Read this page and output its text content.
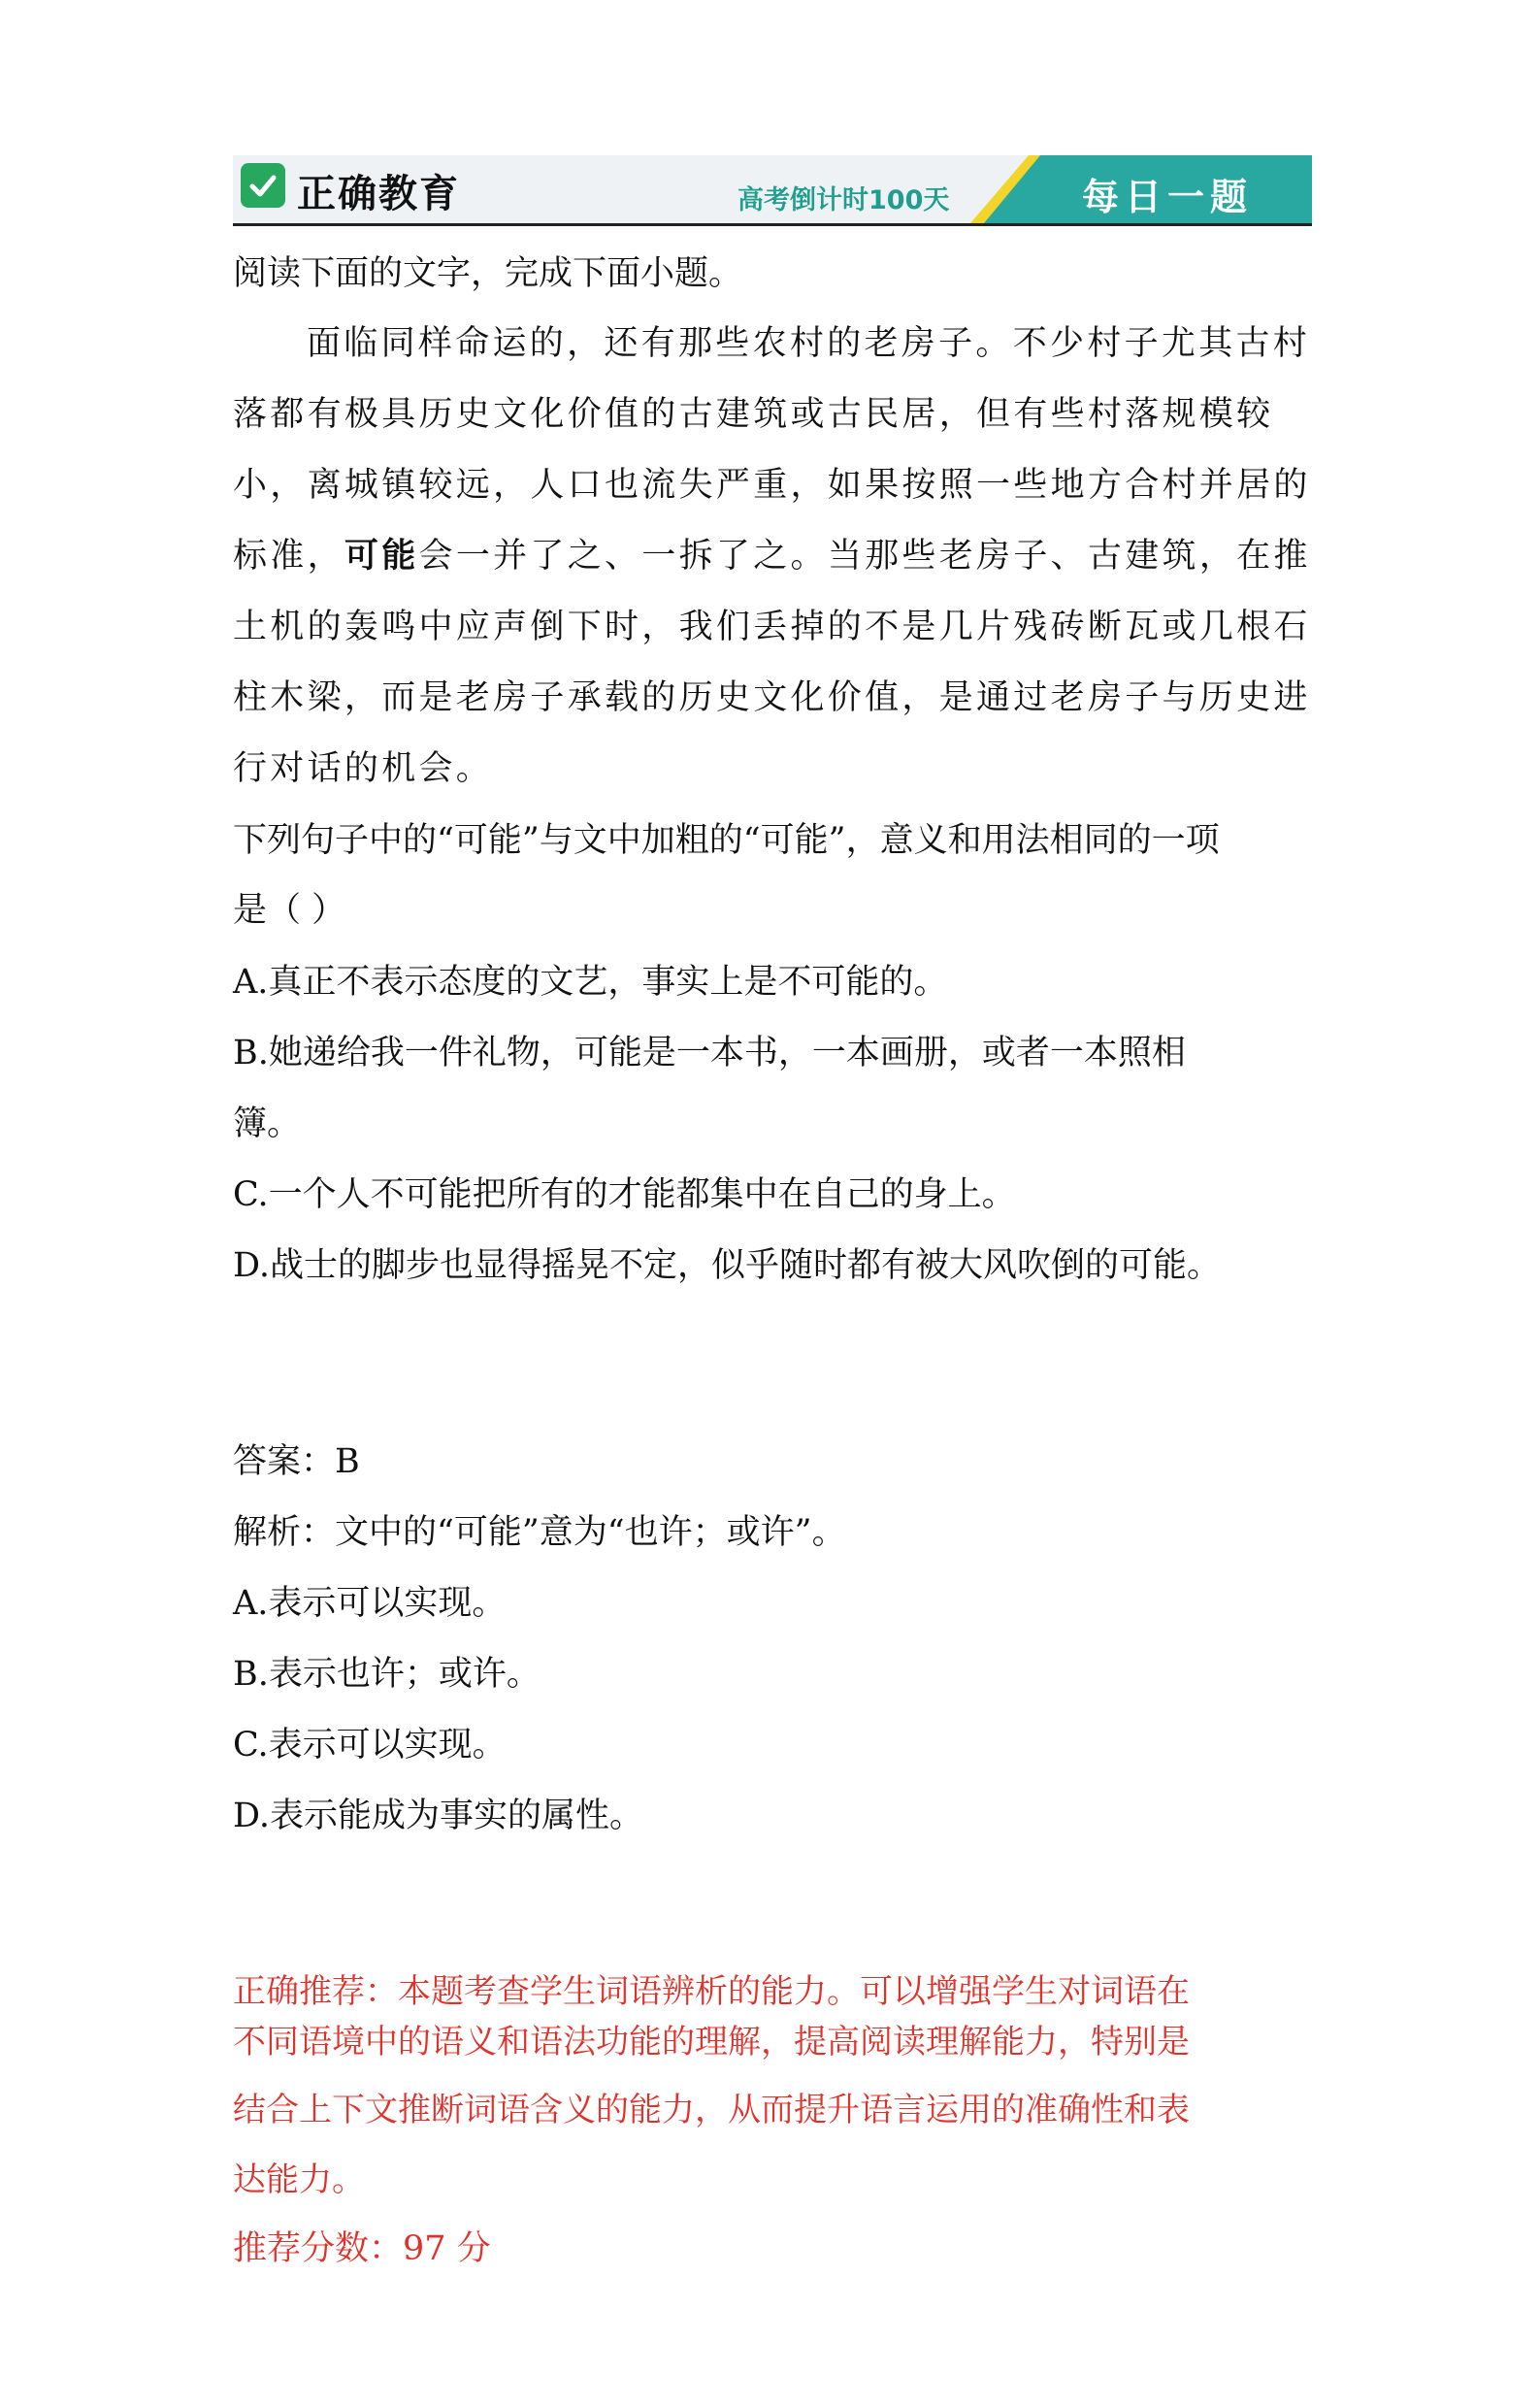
正确教育	高考倒计时100天	每日一题
阅读下面的文字，完成下面小题。
面临同样命运的，还有那些农村的老房子。不少村子尤其古村
落都有极具历史文化价值的古建筑或古民居，但有些村落规模较
小，离城镇较远，人口也流失严重，如果按照一些地方合村并居的
标准，可能会一并了之、一拆了之。当那些老房子、古建筑，在推
土机的轰鸣中应声倒下时，我们丢掉的不是几片残砖断瓦或几根石
柱木梁，而是老房子承载的历史文化价值，是通过老房子与历史进
行对话的机会。
下列句子中的“可能”与文中加粗的“可能”，意义和用法相同的一项
是（ ）
A.真正不表示态度的文艺，事实上是不可能的。
B.她递给我一件礼物，可能是一本书，一本画册，或者一本照相
簿。
C.一个人不可能把所有的才能都集中在自己的身上。
D.战士的脚步也显得摇晃不定，似乎随时都有被大风吹倒的可能。
答案：B
解析：文中的“可能”意为“也许；或许”。
A.表示可以实现。
B.表示也许；或许。
C.表示可以实现。
D.表示能成为事实的属性。
正确推荐：本题考查学生词语辨析的能力。可以增强学生对词语在
不同语境中的语义和语法功能的理解，提高阅读理解能力，特别是
结合上下文推断词语含义的能力，从而提升语言运用的准确性和表
达能力。
推荐分数：97 分
